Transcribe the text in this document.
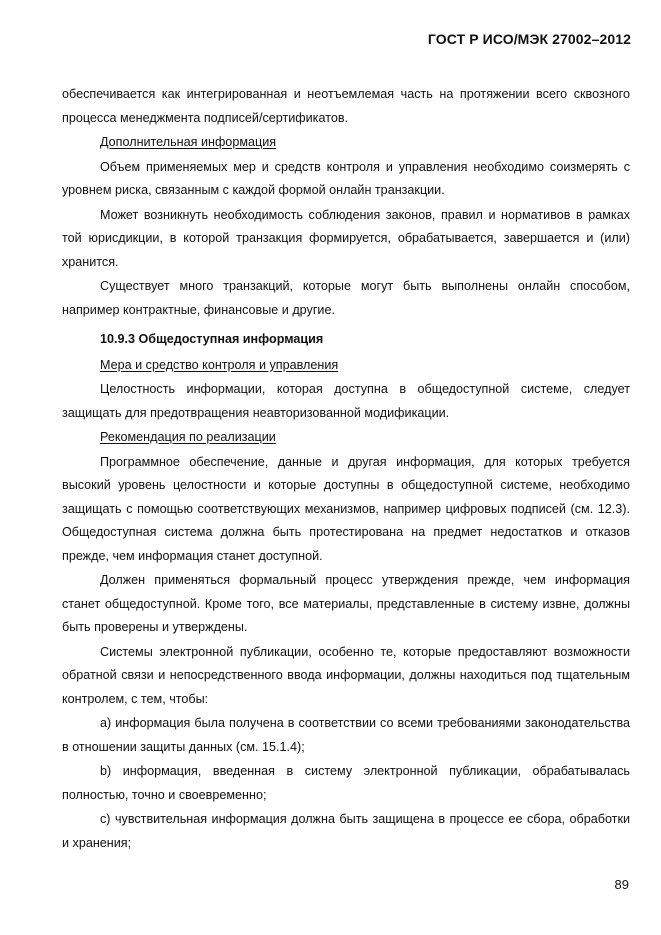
ГОСТ Р ИСО/МЭК 27002–2012

обеспечивается как интегрированная и неотъемлемая часть на протяжении всего сквозного процесса менеджмента подписей/сертификатов.

Дополнительная информация

Объем применяемых мер и средств контроля и управления необходимо соизмерять с уровнем риска, связанным с каждой формой онлайн транзакции.

Может возникнуть необходимость соблюдения законов, правил и нормативов в рамках той юрисдикции, в которой транзакция формируется, обрабатывается, завершается и (или) хранится.

Существует много транзакций, которые могут быть выполнены онлайн способом, например контрактные, финансовые и другие.

10.9.3 Общедоступная информация

Мера и средство контроля и управления

Целостность информации, которая доступна в общедоступной системе, следует защищать для предотвращения неавторизованной модификации.

Рекомендация по реализации

Программное обеспечение, данные и другая информация, для которых требуется высокий уровень целостности и которые доступны в общедоступной системе, необходимо защищать с помощью соответствующих механизмов, например цифровых подписей (см. 12.3). Общедоступная система должна быть протестирована на предмет недостатков и отказов прежде, чем информация станет доступной.

Должен применяться формальный процесс утверждения прежде, чем информация станет общедоступной. Кроме того, все материалы, представленные в систему извне, должны быть проверены и утверждены.

Системы электронной публикации, особенно те, которые предоставляют возможности обратной связи и непосредственного ввода информации, должны находиться под тщательным контролем, с тем, чтобы:

a) информация была получена в соответствии со всеми требованиями законодательства в отношении защиты данных (см. 15.1.4);

b) информация, введенная в систему электронной публикации, обрабатывалась полностью, точно и своевременно;

c) чувствительная информация должна быть защищена в процессе ее сбора, обработки и хранения;

89
